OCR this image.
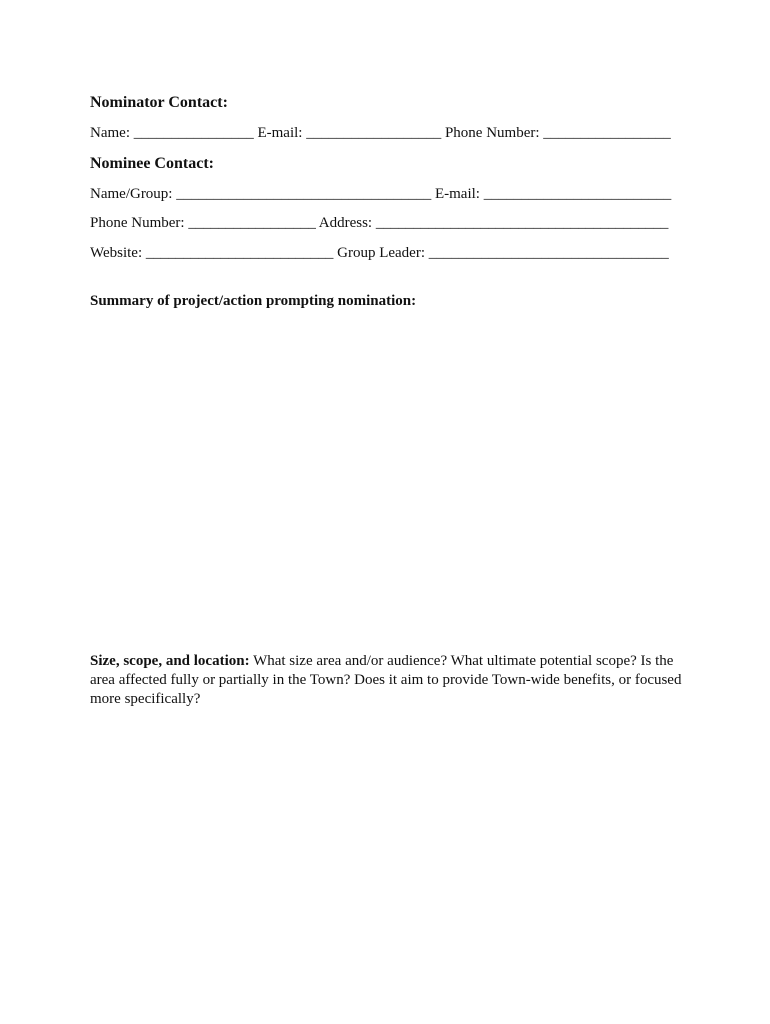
Nominator Contact:
Name: ________________ E-mail: __________________ Phone Number: _________________
Nominee Contact:
Name/Group: __________________________________ E-mail: _________________________
Phone Number: _________________ Address: _______________________________________
Website: _________________________ Group Leader: ________________________________
Summary of project/action prompting nomination:
Size, scope, and location: What size area and/or audience? What ultimate potential scope? Is the area affected fully or partially in the Town? Does it aim to provide Town-wide benefits, or focused more specifically?
